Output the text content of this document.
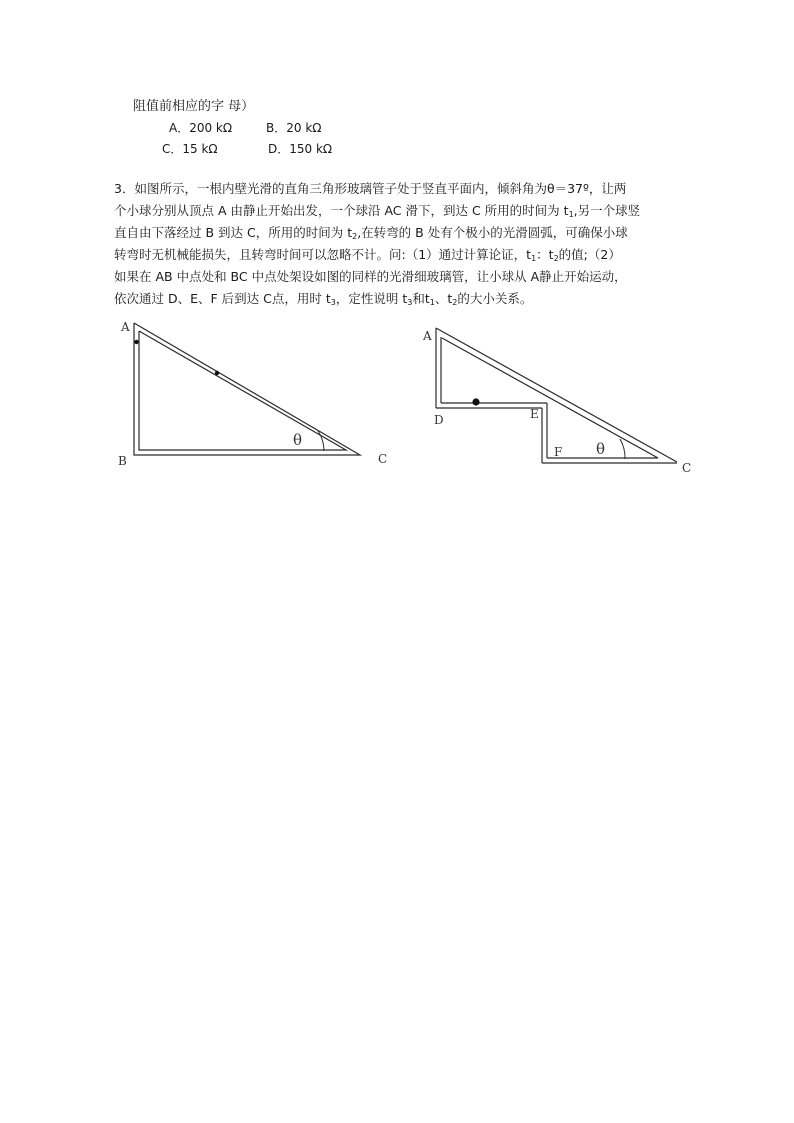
阻值前相应的字 母）
A．200 kΩ	B．20 kΩ
C．15 kΩ	D．150 kΩ
3．如图所示，一根内壁光滑的直角三角形玻璃管子处于竖直平面内，倾斜角为θ＝37º，让两
个小球分别从顶点 A 由静止开始出发，一个球沿 AC 滑下，到达 C 所用的时间为 $t_1$,另一个球竖
直自由下落经过 B 到达 C，所用的时间为 $t_2$,在转弯的 B 处有个极小的光滑圆弧，可确保小球
转弯时无机械能损失，且转弯时间可以忽略不计。问:（1）通过计算论证，$t_1$：$t_2$的值;（2）
如果在 AB 中点处和 BC 中点处架设如图的同样的光滑细玻璃管，让小球从 A静止开始运动，
依次通过 D、E、F 后到达 C点，用时 $t_3$，定性说明 $t_3$和$t_1$、$t_2$的大小关系。
A
B	C
θ
A
D	E
F
C
θ
